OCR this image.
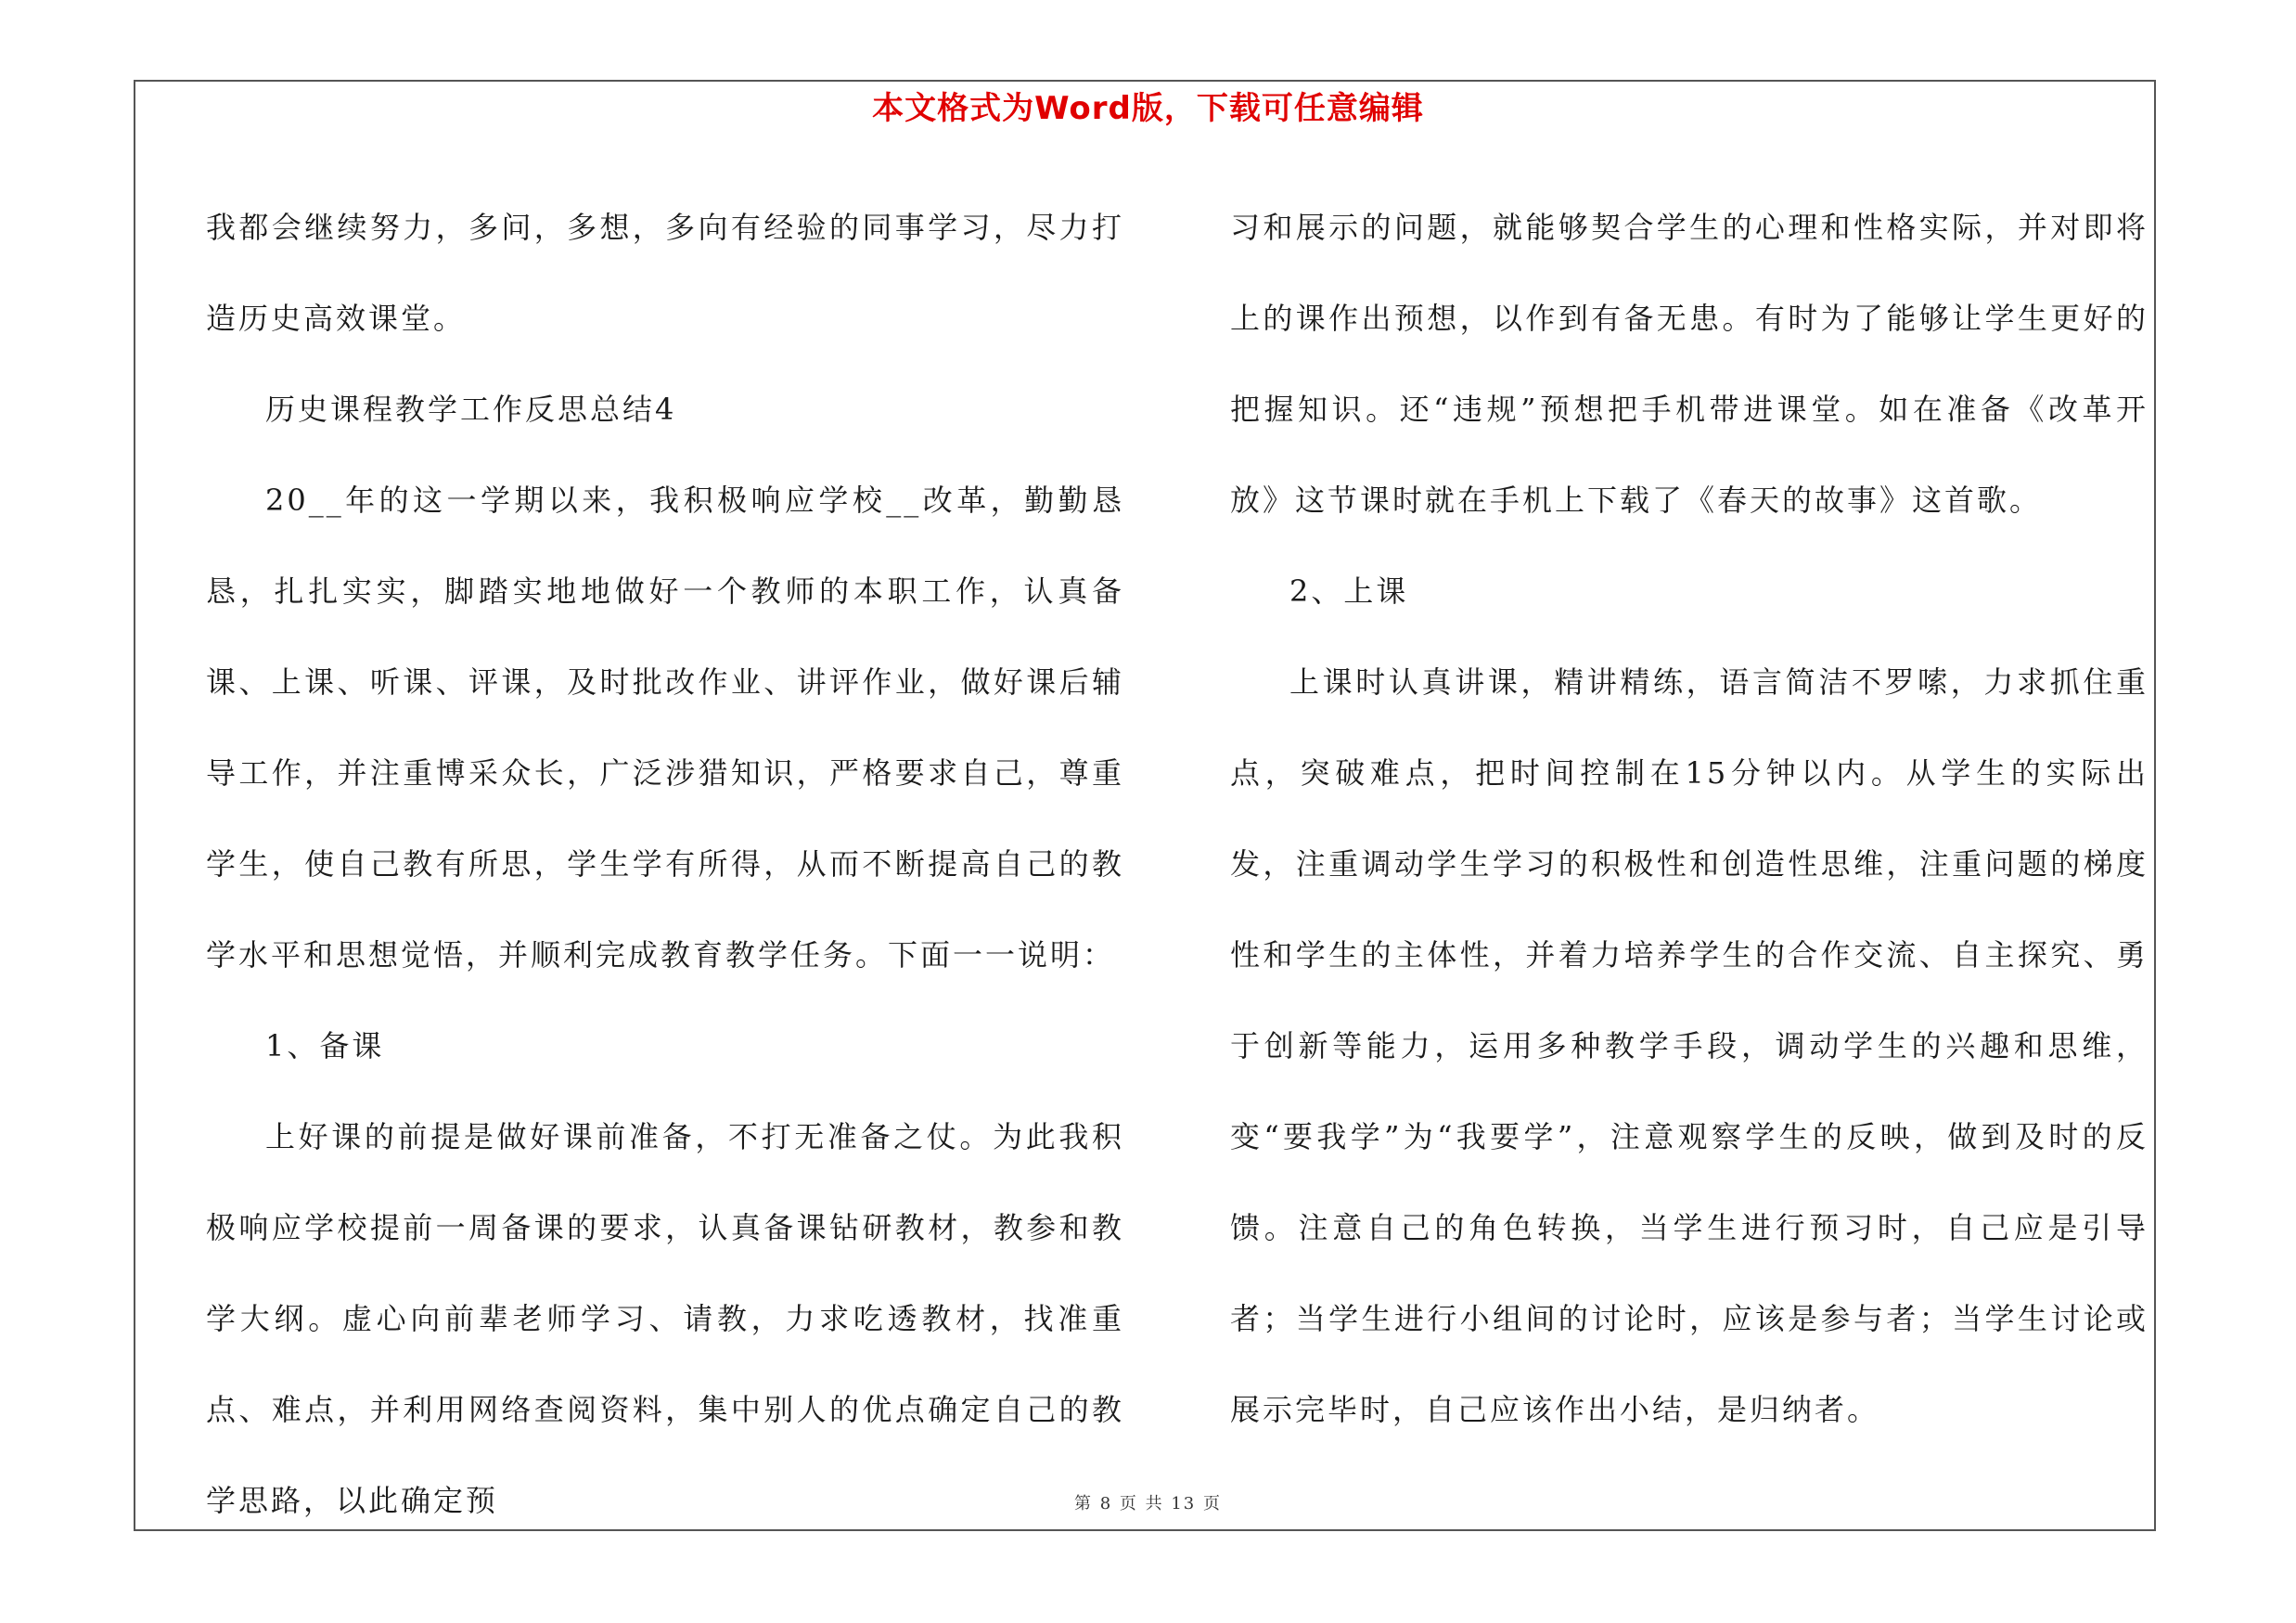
本文格式为Word版，下载可任意编辑

我都会继续努力，多问，多想，多向有经验的同事学习，尽力打造历史高效课堂。

历史课程教学工作反思总结4

20__年的这一学期以来，我积极响应学校__改革，勤勤恳恳，扎扎实实，脚踏实地地做好一个教师的本职工作，认真备课、上课、听课、评课，及时批改作业、讲评作业，做好课后辅导工作，并注重博采众长，广泛涉猎知识，严格要求自己，尊重学生，使自己教有所思，学生学有所得，从而不断提高自己的教学水平和思想觉悟，并顺利完成教育教学任务。下面一一说明：

1、备课

上好课的前提是做好课前准备，不打无准备之仗。为此我积极响应学校提前一周备课的要求，认真备课钻研教材，教参和教学大纲。虚心向前辈老师学习、请教，力求吃透教材，找准重点、难点，并利用网络查阅资料，集中别人的优点确定自己的教学思路，以此确定预

习和展示的问题，就能够契合学生的心理和性格实际，并对即将上的课作出预想，以作到有备无患。有时为了能够让学生更好的把握知识。还“违规”预想把手机带进课堂。如在准备《改革开放》这节课时就在手机上下载了《春天的故事》这首歌。

2、上课

上课时认真讲课，精讲精练，语言简洁不罗嗦，力求抓住重点，突破难点，把时间控制在15分钟以内。从学生的实际出发，注重调动学生学习的积极性和创造性思维，注重问题的梯度性和学生的主体性，并着力培养学生的合作交流、自主探究、勇于创新等能力，运用多种教学手段，调动学生的兴趣和思维，变“要我学”为“我要学”，注意观察学生的反映，做到及时的反馈。注意自己的角色转换，当学生进行预习时，自己应是引导者；当学生进行小组间的讨论时，应该是参与者；当学生讨论或展示完毕时，自己应该作出小结，是归纳者。

第 8 页 共 13 页
